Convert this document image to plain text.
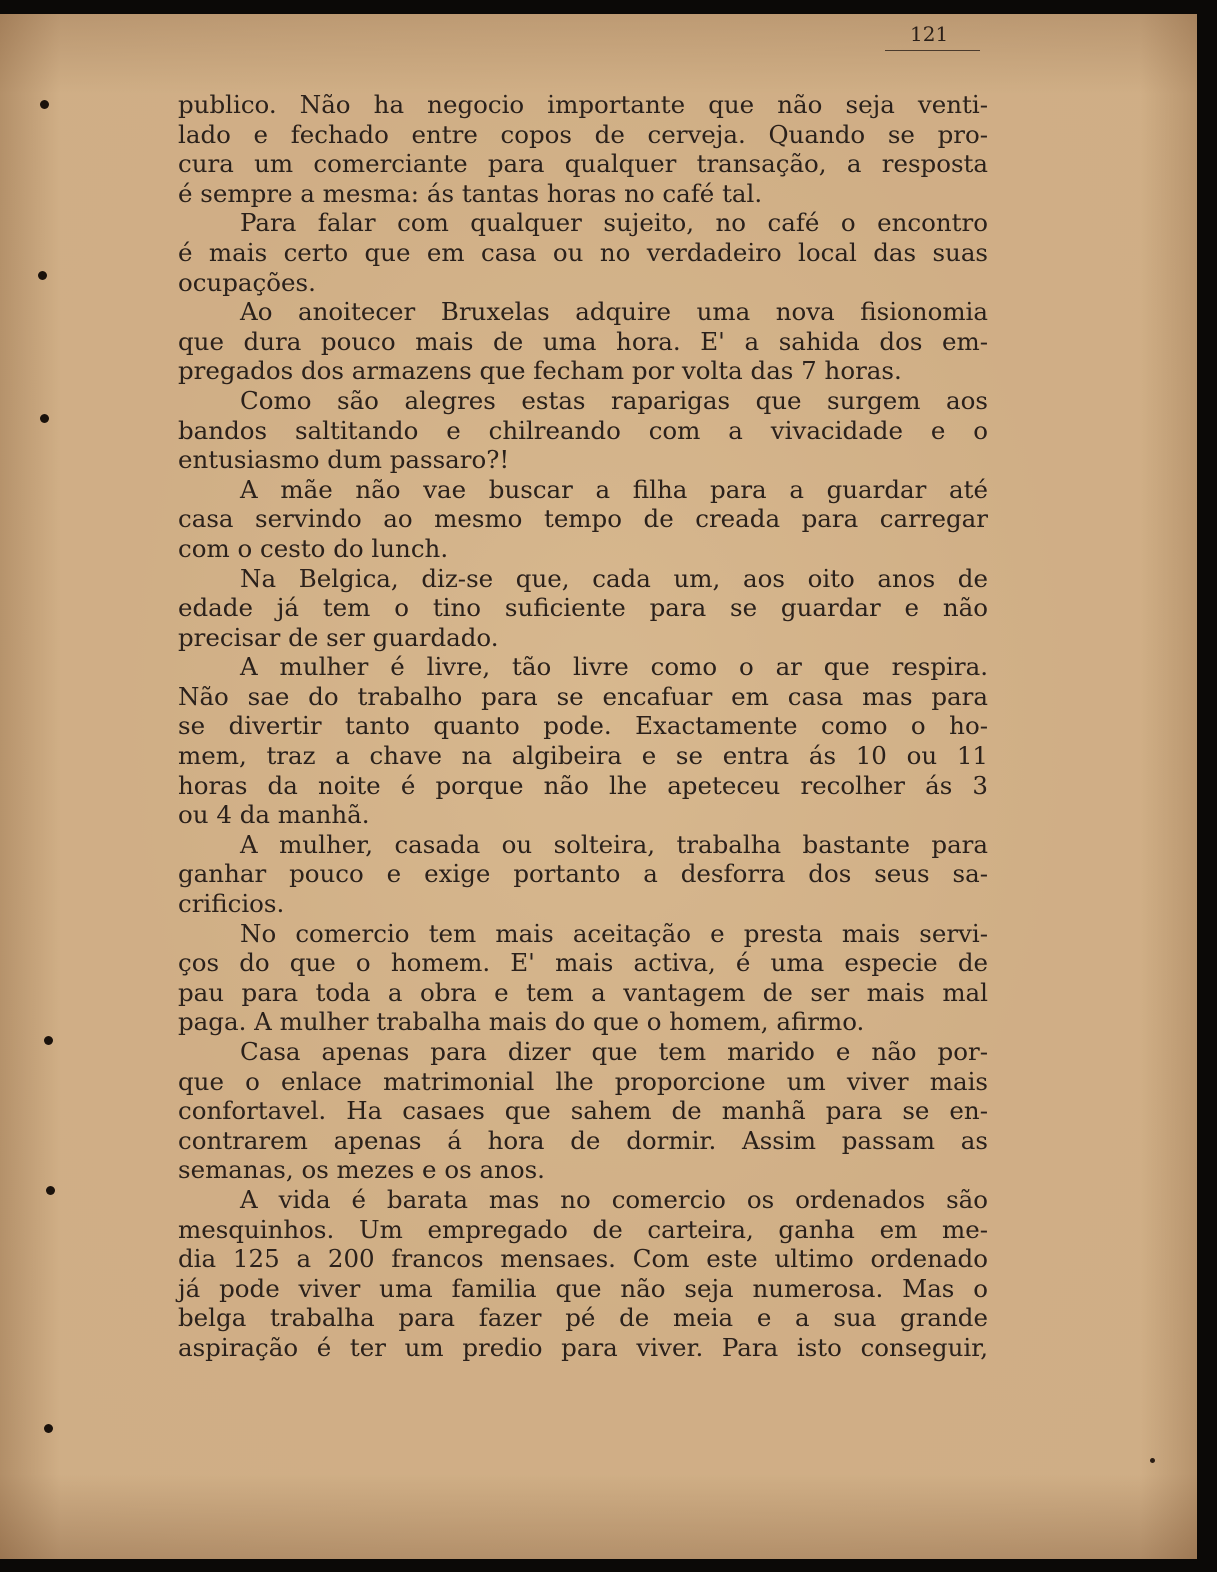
121
publico. Não ha negocio importante que não seja venti-
lado e fechado entre copos de cerveja. Quando se pro-
cura um comerciante para qualquer transação, a resposta
é sempre a mesma: ás tantas horas no café tal.
Para falar com qualquer sujeito, no café o encontro
é mais certo que em casa ou no verdadeiro local das suas
ocupações.
Ao anoitecer Bruxelas adquire uma nova fisionomia
que dura pouco mais de uma hora. E' a sahida dos em-
pregados dos armazens que fecham por volta das 7 horas.
Como são alegres estas raparigas que surgem aos
bandos saltitando e chilreando com a vivacidade e o
entusiasmo dum passaro?!
A mãe não vae buscar a filha para a guardar até
casa servindo ao mesmo tempo de creada para carregar
com o cesto do lunch.
Na Belgica, diz-se que, cada um, aos oito anos de
edade já tem o tino suficiente para se guardar e não
precisar de ser guardado.
A mulher é livre, tão livre como o ar que respira.
Não sae do trabalho para se encafuar em casa mas para
se divertir tanto quanto pode. Exactamente como o ho-
mem, traz a chave na algibeira e se entra ás 10 ou 11
horas da noite é porque não lhe apeteceu recolher ás 3
ou 4 da manhã.
A mulher, casada ou solteira, trabalha bastante para
ganhar pouco e exige portanto a desforra dos seus sa-
crificios.
No comercio tem mais aceitação e presta mais servi-
ços do que o homem. E' mais activa, é uma especie de
pau para toda a obra e tem a vantagem de ser mais mal
paga. A mulher trabalha mais do que o homem, afirmo.
Casa apenas para dizer que tem marido e não por-
que o enlace matrimonial lhe proporcione um viver mais
confortavel. Ha casaes que sahem de manhã para se en-
contrarem apenas á hora de dormir. Assim passam as
semanas, os mezes e os anos.
A vida é barata mas no comercio os ordenados são
mesquinhos. Um empregado de carteira, ganha em me-
dia 125 a 200 francos mensaes. Com este ultimo ordenado
já pode viver uma familia que não seja numerosa. Mas o
belga trabalha para fazer pé de meia e a sua grande
aspiração é ter um predio para viver. Para isto conseguir,
